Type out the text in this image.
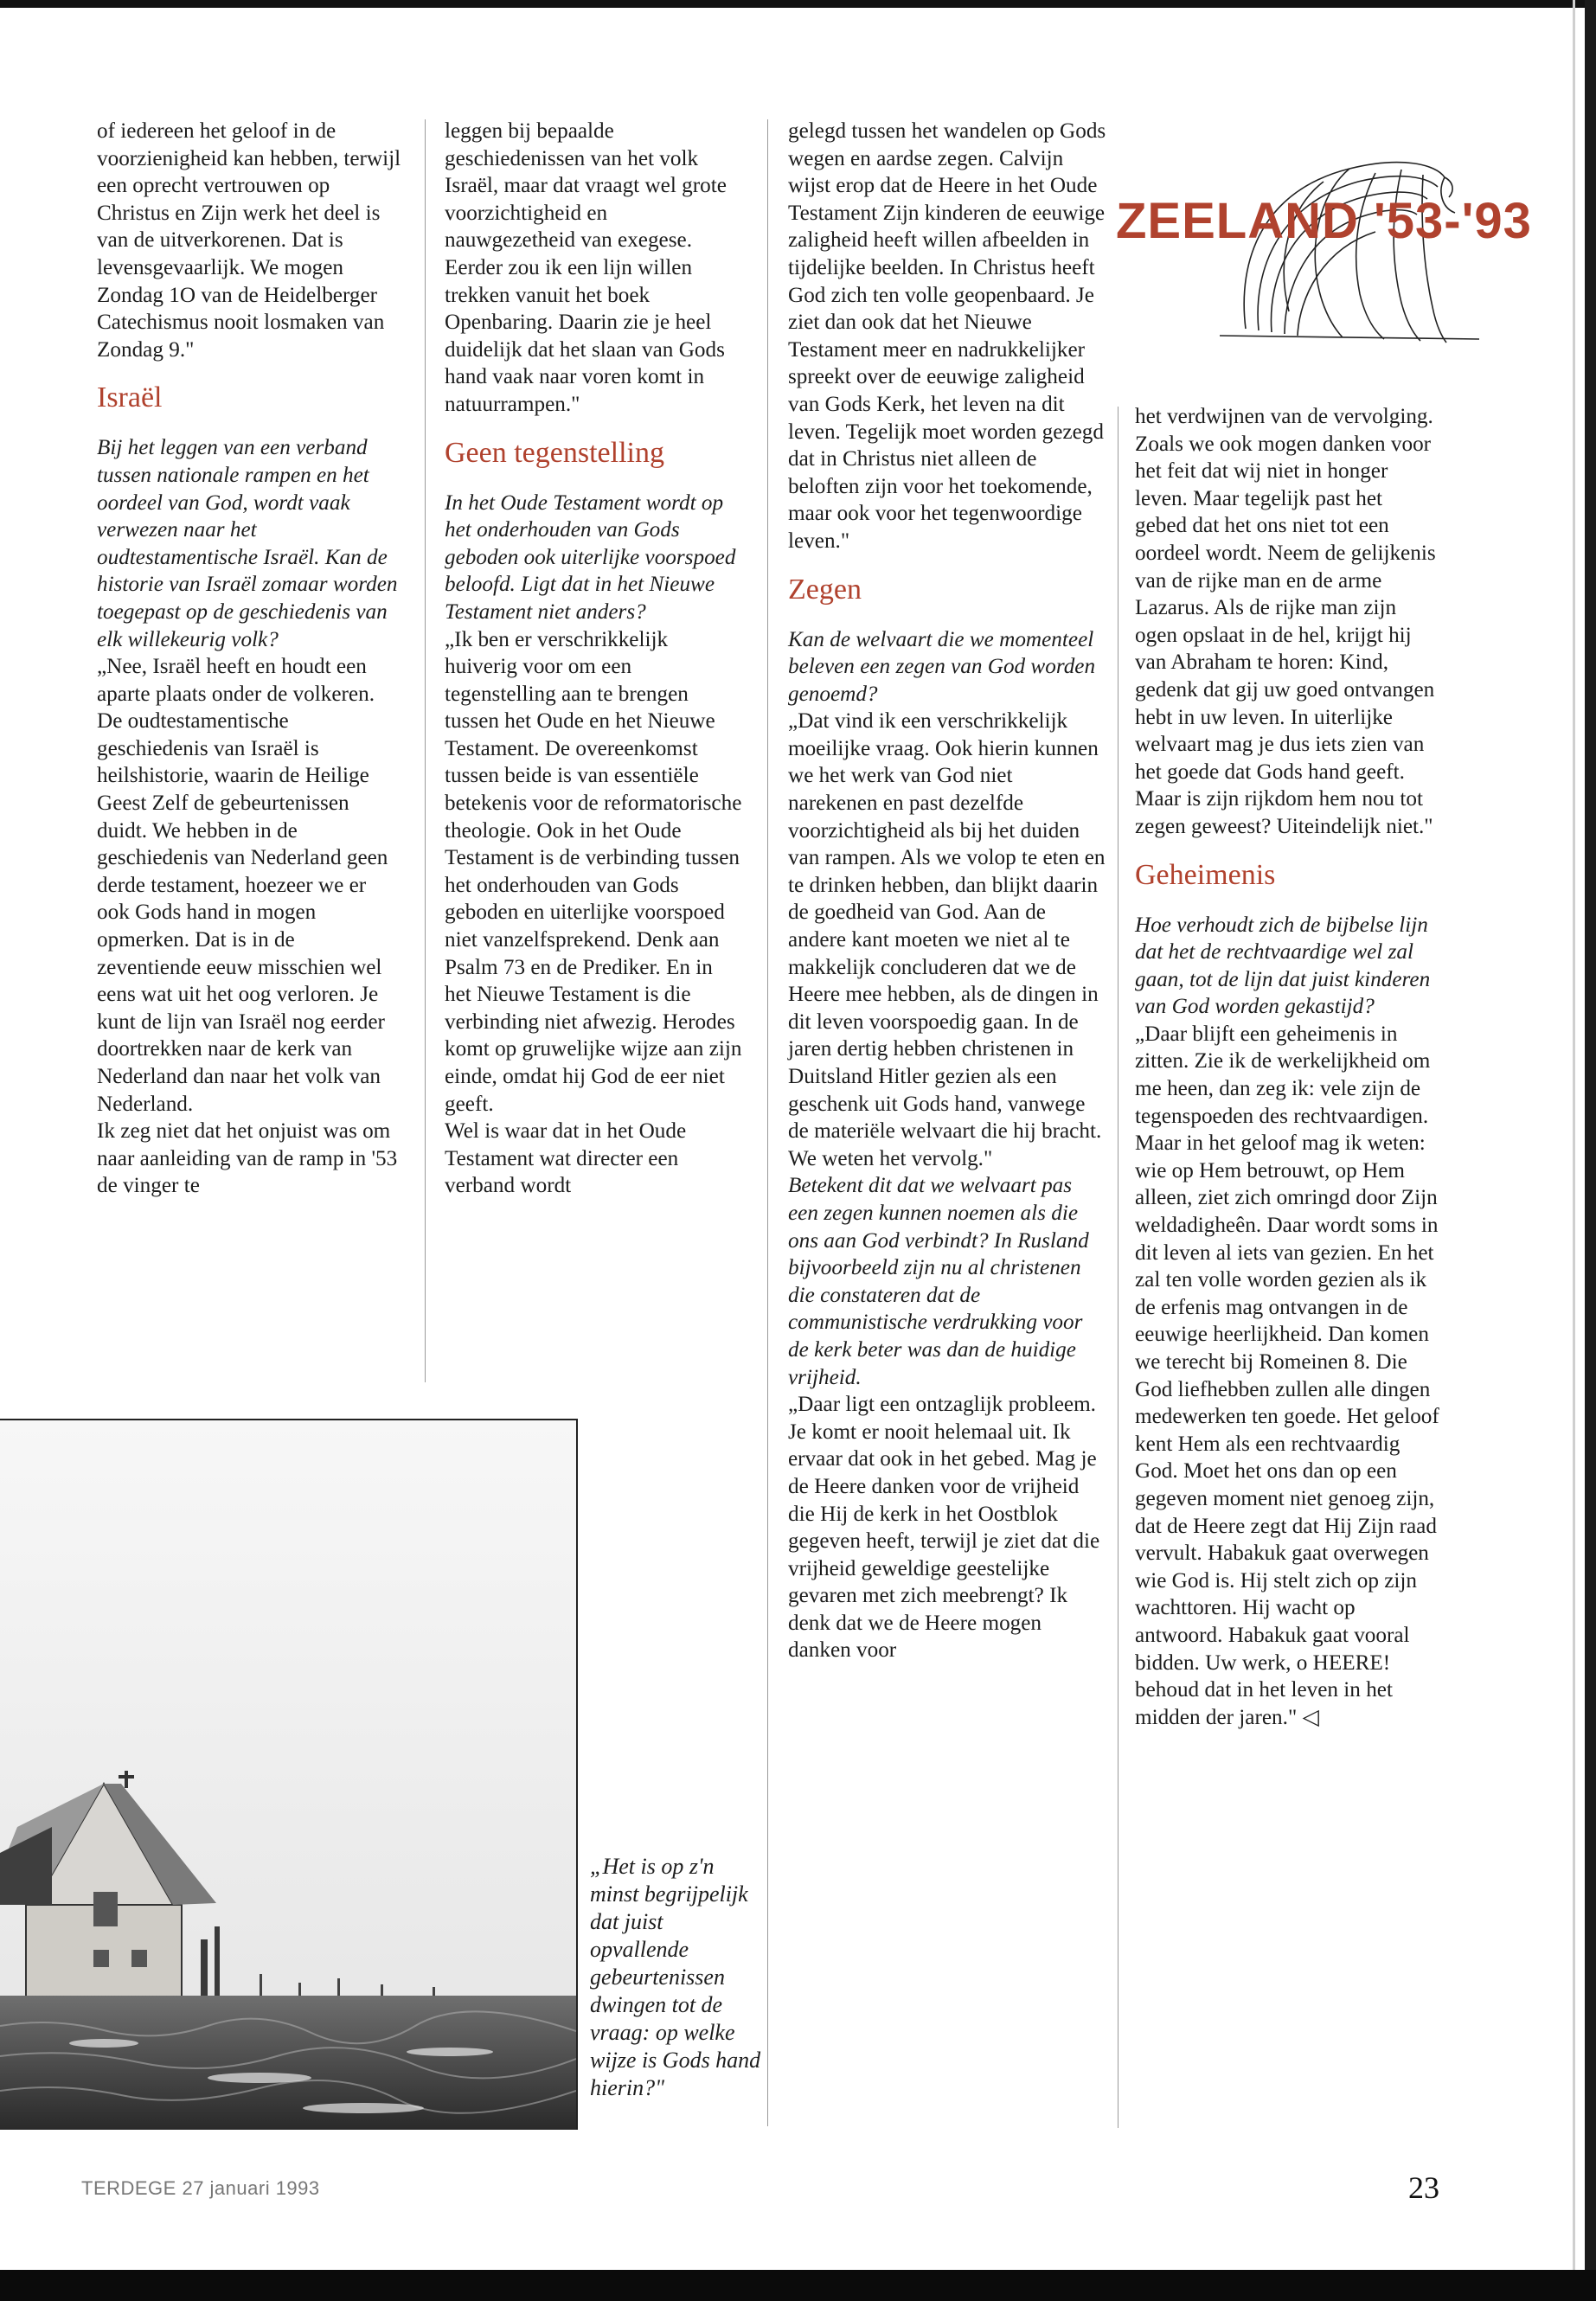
of iedereen het geloof in de voorzienigheid kan hebben, terwijl een oprecht vertrouwen op Christus en Zijn werk het deel is van de uitverkorenen. Dat is levensgevaarlijk. We mogen Zondag 1O van de Heidelberger Catechismus nooit losmaken van Zondag 9."

Israël

Bij het leggen van een verband tussen nationale rampen en het oordeel van God, wordt vaak verwezen naar het oudtestamentische Israël. Kan de historie van Israël zomaar worden toegepast op de geschiedenis van elk willekeurig volk?

„Nee, Israël heeft en houdt een aparte plaats onder de volkeren. De oudtestamentische geschiedenis van Israël is heilshistorie, waarin de Heilige Geest Zelf de gebeurtenissen duidt. We hebben in de geschiedenis van Nederland geen derde testament, hoezeer we er ook Gods hand in mogen opmerken. Dat is in de zeventiende eeuw misschien wel eens wat uit het oog verloren. Je kunt de lijn van Israël nog eerder doortrekken naar de kerk van Nederland dan naar het volk van Nederland.

Ik zeg niet dat het onjuist was om naar aanleiding van de ramp in '53 de vinger te

leggen bij bepaalde geschiedenissen van het volk Israël, maar dat vraagt wel grote voorzichtigheid en nauwgezetheid van exegese. Eerder zou ik een lijn willen trekken vanuit het boek Openbaring. Daarin zie je heel duidelijk dat het slaan van Gods hand vaak naar voren komt in natuurrampen."

Geen tegenstelling

In het Oude Testament wordt op het onderhouden van Gods geboden ook uiterlijke voorspoed beloofd. Ligt dat in het Nieuwe Testament niet anders?

„Ik ben er verschrikkelijk huiverig voor om een tegenstelling aan te brengen tussen het Oude en het Nieuwe Testament. De overeenkomst tussen beide is van essentiële betekenis voor de reformatorische theologie. Ook in het Oude Testament is de verbinding tussen het onderhouden van Gods geboden en uiterlijke voorspoed niet vanzelfsprekend. Denk aan Psalm 73 en de Prediker. En in het Nieuwe Testament is die verbinding niet afwezig. Herodes komt op gruwelijke wijze aan zijn einde, omdat hij God de eer niet geeft.

Wel is waar dat in het Oude Testament wat directer een verband wordt

gelegd tussen het wandelen op Gods wegen en aardse zegen. Calvijn wijst erop dat de Heere in het Oude Testament Zijn kinderen de eeuwige zaligheid heeft willen afbeelden in tijdelijke beelden. In Christus heeft God zich ten volle geopenbaard. Je ziet dan ook dat het Nieuwe Testament meer en nadrukkelijker spreekt over de eeuwige zaligheid van Gods Kerk, het leven na dit leven. Tegelijk moet worden gezegd dat in Christus niet alleen de beloften zijn voor het toekomende, maar ook voor het tegenwoordige leven."

Zegen

Kan de welvaart die we momenteel beleven een zegen van God worden genoemd?

„Dat vind ik een verschrikkelijk moeilijke vraag. Ook hierin kunnen we het werk van God niet narekenen en past dezelfde voorzichtigheid als bij het duiden van rampen. Als we volop te eten en te drinken hebben, dan blijkt daarin de goedheid van God. Aan de andere kant moeten we niet al te makkelijk concluderen dat we de Heere mee hebben, als de dingen in dit leven voorspoedig gaan. In de jaren dertig hebben christenen in Duitsland Hitler gezien als een geschenk uit Gods hand, vanwege de materiële welvaart die hij bracht. We weten het vervolg."

Betekent dit dat we welvaart pas een zegen kunnen noemen als die ons aan God verbindt? In Rusland bijvoorbeeld zijn nu al christenen die constateren dat de communistische verdrukking voor de kerk beter was dan de huidige vrijheid.

„Daar ligt een ontzaglijk probleem. Je komt er nooit helemaal uit. Ik ervaar dat ook in het gebed. Mag je de Heere danken voor de vrijheid die Hij de kerk in het Oostblok gegeven heeft, terwijl je ziet dat die vrijheid geweldige geestelijke gevaren met zich meebrengt? Ik denk dat we de Heere mogen danken voor

ZEELAND '53-'93

het verdwijnen van de vervolging. Zoals we ook mogen danken voor het feit dat wij niet in honger leven. Maar tegelijk past het gebed dat het ons niet tot een oordeel wordt. Neem de gelijkenis van de rijke man en de arme Lazarus. Als de rijke man zijn ogen opslaat in de hel, krijgt hij van Abraham te horen: Kind, gedenk dat gij uw goed ontvangen hebt in uw leven. In uiterlijke welvaart mag je dus iets zien van het goede dat Gods hand geeft. Maar is zijn rijkdom hem nou tot zegen geweest? Uiteindelijk niet."

Geheimenis

Hoe verhoudt zich de bijbelse lijn dat het de rechtvaardige wel zal gaan, tot de lijn dat juist kinderen van God worden gekastijd?

„Daar blijft een geheimenis in zitten. Zie ik de werkelijkheid om me heen, dan zeg ik: vele zijn de tegenspoeden des rechtvaardigen. Maar in het geloof mag ik weten: wie op Hem betrouwt, op Hem alleen, ziet zich omringd door Zijn weldadigheên. Daar wordt soms in dit leven al iets van gezien. En het zal ten volle worden gezien als ik de erfenis mag ontvangen in de eeuwige heerlijkheid. Dan komen we terecht bij Romeinen 8. Die God liefhebben zullen alle dingen medewerken ten goede. Het geloof kent Hem als een rechtvaardig God. Moet het ons dan op een gegeven moment niet genoeg zijn, dat de Heere zegt dat Hij Zijn raad vervult. Habakuk gaat overwegen wie God is. Hij stelt zich op zijn wachttoren. Hij wacht op antwoord. Habakuk gaat vooral bidden. Uw werk, o HEERE! behoud dat in het leven in het midden der jaren." ◁

„Het is op z'n minst begrijpelijk dat juist opvallende gebeurtenissen dwingen tot de vraag: op welke wijze is Gods hand hierin?"

TERDEGE 27 januari 1993	23
